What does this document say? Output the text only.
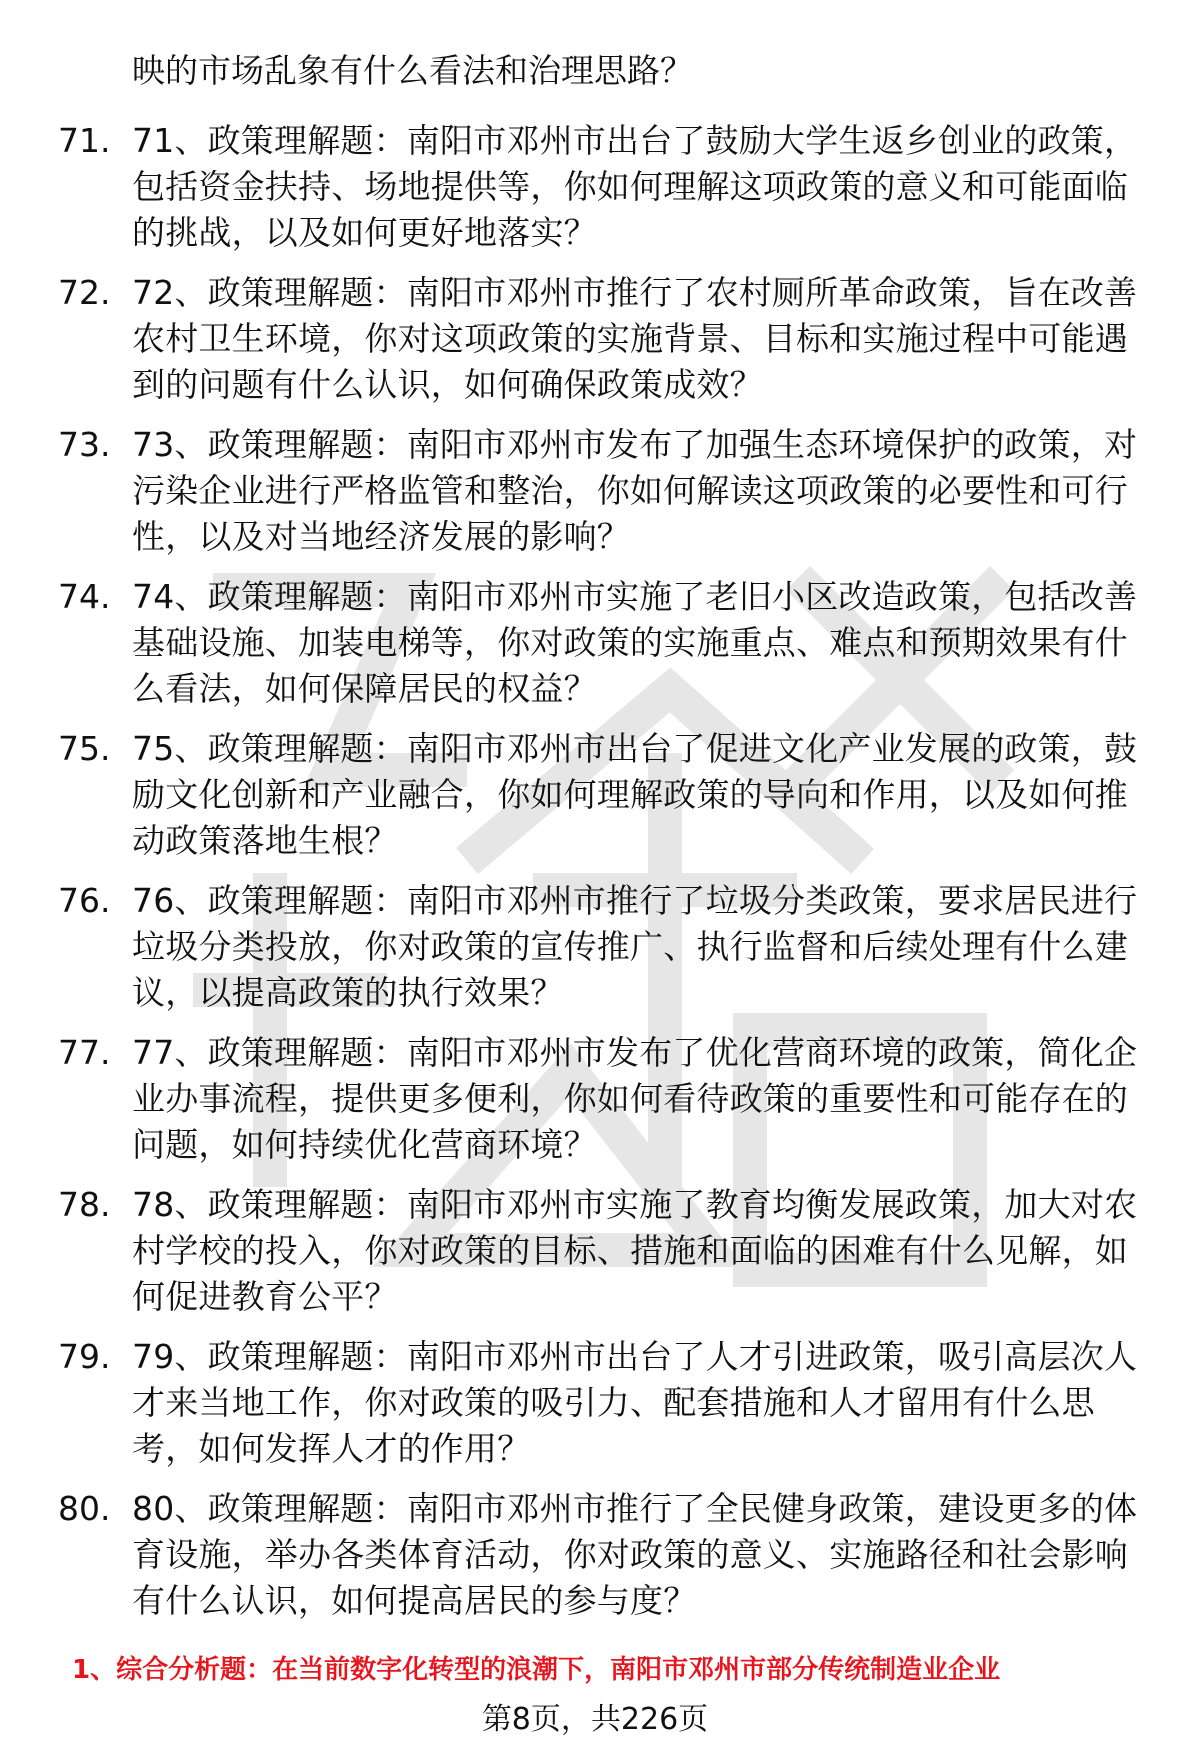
映的市场乱象有什么看法和治理思路？
71. 71、政策理解题：南阳市邓州市出台了鼓励大学生返乡创业的政策，包括资金扶持、场地提供等，你如何理解这项政策的意义和可能面临的挑战，以及如何更好地落实？
72. 72、政策理解题：南阳市邓州市推行了农村厕所革命政策，旨在改善农村卫生环境，你对这项政策的实施背景、目标和实施过程中可能遇到的问题有什么认识，如何确保政策成效？
73. 73、政策理解题：南阳市邓州市发布了加强生态环境保护的政策，对污染企业进行严格监管和整治，你如何解读这项政策的必要性和可行性，以及对当地经济发展的影响？
74. 74、政策理解题：南阳市邓州市实施了老旧小区改造政策，包括改善基础设施、加装电梯等，你对政策的实施重点、难点和预期效果有什么看法，如何保障居民的权益？
75. 75、政策理解题：南阳市邓州市出台了促进文化产业发展的政策，鼓励文化创新和产业融合，你如何理解政策的导向和作用，以及如何推动政策落地生根？
76. 76、政策理解题：南阳市邓州市推行了垃圾分类政策，要求居民进行垃圾分类投放，你对政策的宣传推广、执行监督和后续处理有什么建议，以提高政策的执行效果？
77. 77、政策理解题：南阳市邓州市发布了优化营商环境的政策，简化企业办事流程，提供更多便利，你如何看待政策的重要性和可能存在的问题，如何持续优化营商环境？
78. 78、政策理解题：南阳市邓州市实施了教育均衡发展政策，加大对农村学校的投入，你对政策的目标、措施和面临的困难有什么见解，如何促进教育公平？
79. 79、政策理解题：南阳市邓州市出台了人才引进政策，吸引高层次人才来当地工作，你对政策的吸引力、配套措施和人才留用有什么思考，如何发挥人才的作用？
80. 80、政策理解题：南阳市邓州市推行了全民健身政策，建设更多的体育设施，举办各类体育活动，你对政策的意义、实施路径和社会影响有什么认识，如何提高居民的参与度？
1、综合分析题：在当前数字化转型的浪潮下，南阳市邓州市部分传统制造业企业
第8页，共226页
